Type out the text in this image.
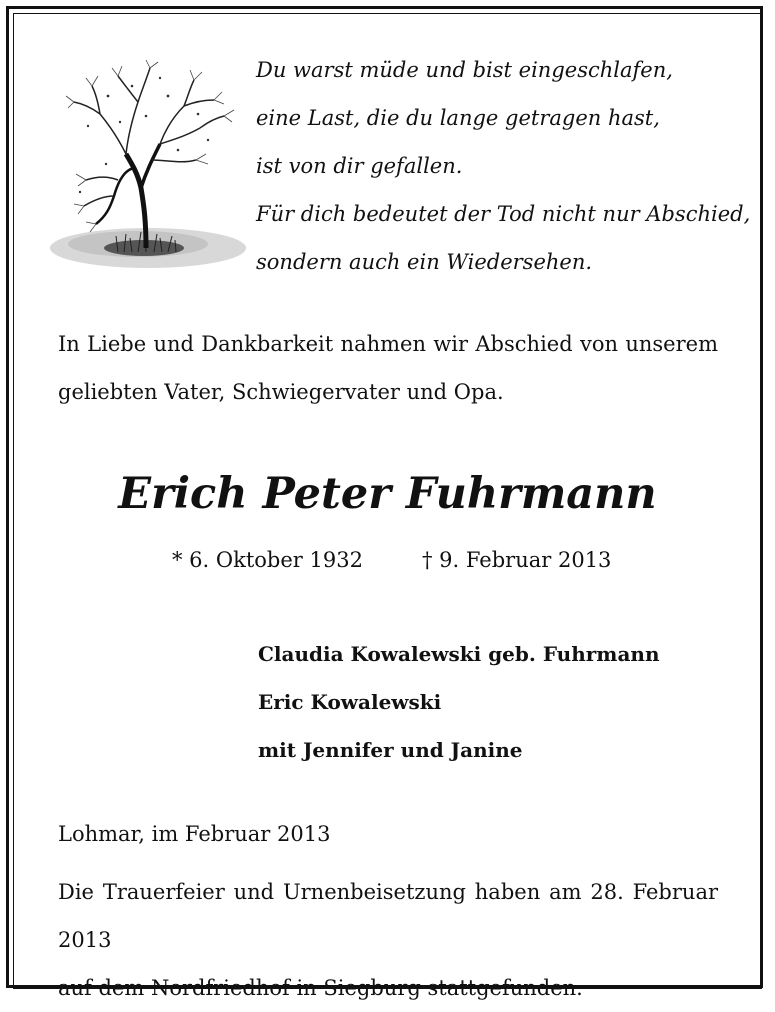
Du warst müde und bist eingeschlafen,
eine Last, die du lange getragen hast,
ist von dir gefallen.
Für dich bedeutet der Tod nicht nur Abschied,
sondern auch ein Wiedersehen.
In Liebe und Dankbarkeit nahmen wir Abschied von unserem
geliebten Vater, Schwiegervater und Opa.
Erich Peter Fuhrmann
* 6. Oktober 1932	† 9. Februar 2013
Claudia Kowalewski geb. Fuhrmann
Eric Kowalewski
mit Jennifer und Janine
Lohmar, im Februar 2013
Die Trauerfeier und Urnenbeisetzung haben am 28. Februar 2013
auf dem Nordfriedhof in Siegburg stattgefunden.
